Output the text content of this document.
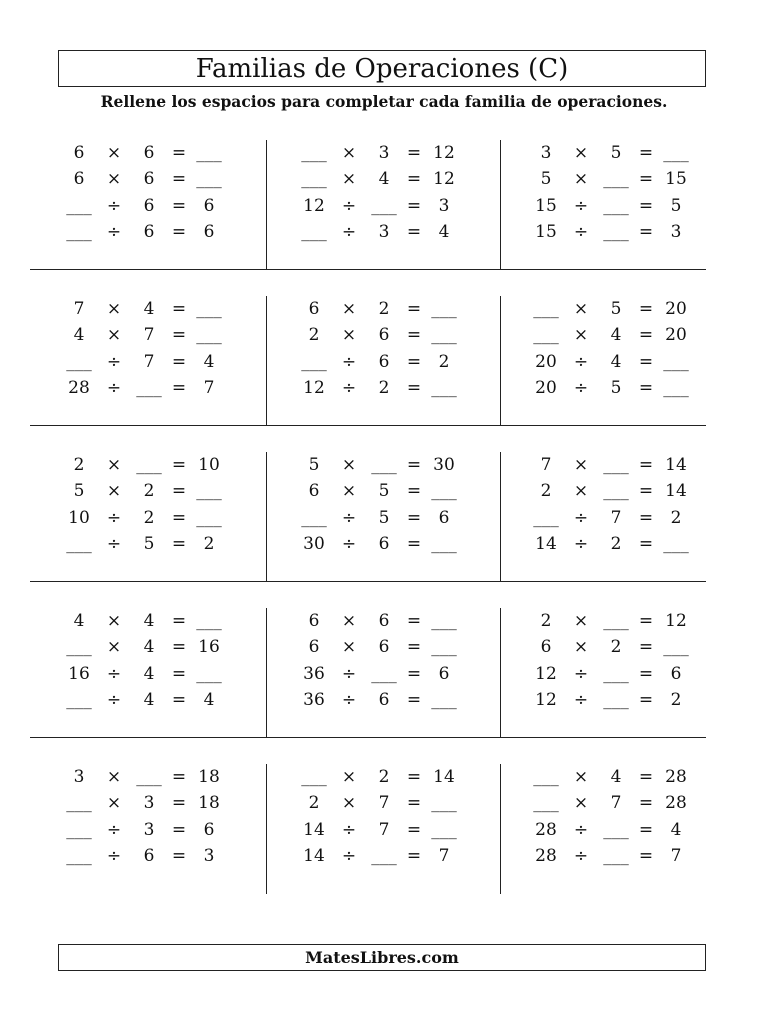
Familias de Operaciones (C)
Rellene los espacios para completar cada familia de operaciones.
6	×	6	= ___
6	×	6	= ___
___ ÷	6	=	6
___ ÷	6	=	6
___ ×	3	= 12
___ ×	4	= 12
12	÷ ___ =	3
___ ÷	3	=	4
3	×	5	= ___
5	× ___ = 15
15	÷ ___ =	5
15	÷ ___ =	3
7	×	4	= ___
4	×	7	= ___
___ ÷	7	=	4
28	÷ ___ =	7
6	×	2	= ___
2	×	6	= ___
___ ÷	6	=	2
12	÷	2	= ___
___ ×	5	= 20
___ ×	4	= 20
20	÷	4	= ___
20	÷	5	= ___
2	× ___ = 10
5	×	2	= ___
10	÷	2	= ___
___ ÷	5	=	2
5	× ___ = 30
6	×	5	= ___
___ ÷	5	=	6
30	÷	6	= ___
7	× ___ = 14
2	× ___ = 14
___ ÷	7	=	2
14	÷	2	= ___
4	×	4	= ___
___ ×	4	= 16
16	÷	4	= ___
___ ÷	4	=	4
6	×	6	= ___
6	×	6	= ___
36	÷ ___ =	6
36	÷	6	= ___
2	× ___ = 12
6	×	2	= ___
12	÷ ___ =	6
12	÷ ___ =	2
3	× ___ = 18
___ ×	3	= 18
___ ÷	3	=	6
___ ÷	6	=	3
___ ×	2	= 14
2	×	7	= ___
14	÷	7	= ___
14	÷ ___ =	7
___ ×	4	= 28
___ ×	7	= 28
28	÷ ___ =	4
28	÷ ___ =	7
MatesLibres.com
